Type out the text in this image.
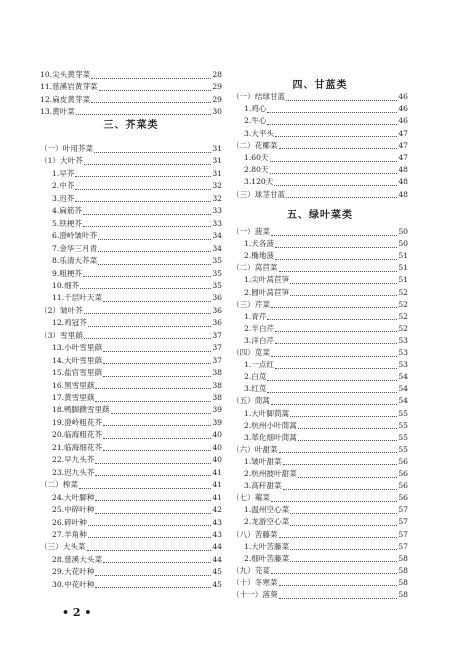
10.尖头黄芽菜	28
11.慈溪岩黄芽菜	29
12.扁皮黄芽菜	29
13.黄叶菜	30
三、芥菜类
（一）叶用芥菜	31
（1）大叶芥	31
1.早芥	31
2.中芥	32
3.迟芥	32
4.扁筋芥	33
5.铁梗芥	33
6.澄岭皱叶芥	34
7.金华三月青	34
8.乐清大芥菜	35
9.粗梗芥	35
10.细芥	35
11.千层叶天菜	36
（2）皱叶芥	36
12.鸡冠芥	36
（3）雪里蕻	37
13.小叶雪里蕻	37
14.大叶雪里蕻	37
15.盐官雪里蕻	38
16.黑雪里蕻	38
17.黄雪里蕻	38
18.鸭脚蹼雪里蕻	39
19.澄岭粗花芥	39
20.临海粗花芥	40
21.临海细花芥	40
22.早九头芥	40
23.迟九头芥	41
（二）榨菜	41
24.大叶脚种	41
25.中碎叶种	42
26.碎叶种	43
27.羊角种	43
（三）大头菜	44
28.慈溪大头菜	44
29.大花叶种	45
30.中花叶种	45
四、甘蓝类
（一）结球甘蓝	46
1.鸡心	46
2.牛心	46
3.大平头	47
（二）花椰菜	47
1.60天	47
2.80天	48
3.120天	48
（三）球茎甘蓝	48
五、绿叶菜类
（一）菠菜	50
1.犬各菠	50
2.椭地菠	51
（二）莴苣菜	51
1.尖叶莴苣笋	51
2.圆叶莴苣笋	52
（三）芹菜	52
1.青芹	52
2.半白芹	52
3.洋白芹	53
（四）苋菜	53
1.一点红	53
2.白苋	54
3.红苋	54
（五）茼蒿	54
1.大叶脚茼蒿	55
2.杭州小叶茼蒿	55
3.革化细叶茼蒿	55
（六）叶甜菜	55
1.皱叶甜菜	56
2.杭州披叶甜菜	56
3.高秆甜菜	56
（七）蕹菜	56
1.温州空心菜	57
2.龙游空心菜	57
（八）苦藤菜	57
1.大叶苦藤菜	57
2.细叶苦藤菜	58
（九）芫荽	58
（十）冬寒菜	58
（十一）落葵	58
• 2 •
